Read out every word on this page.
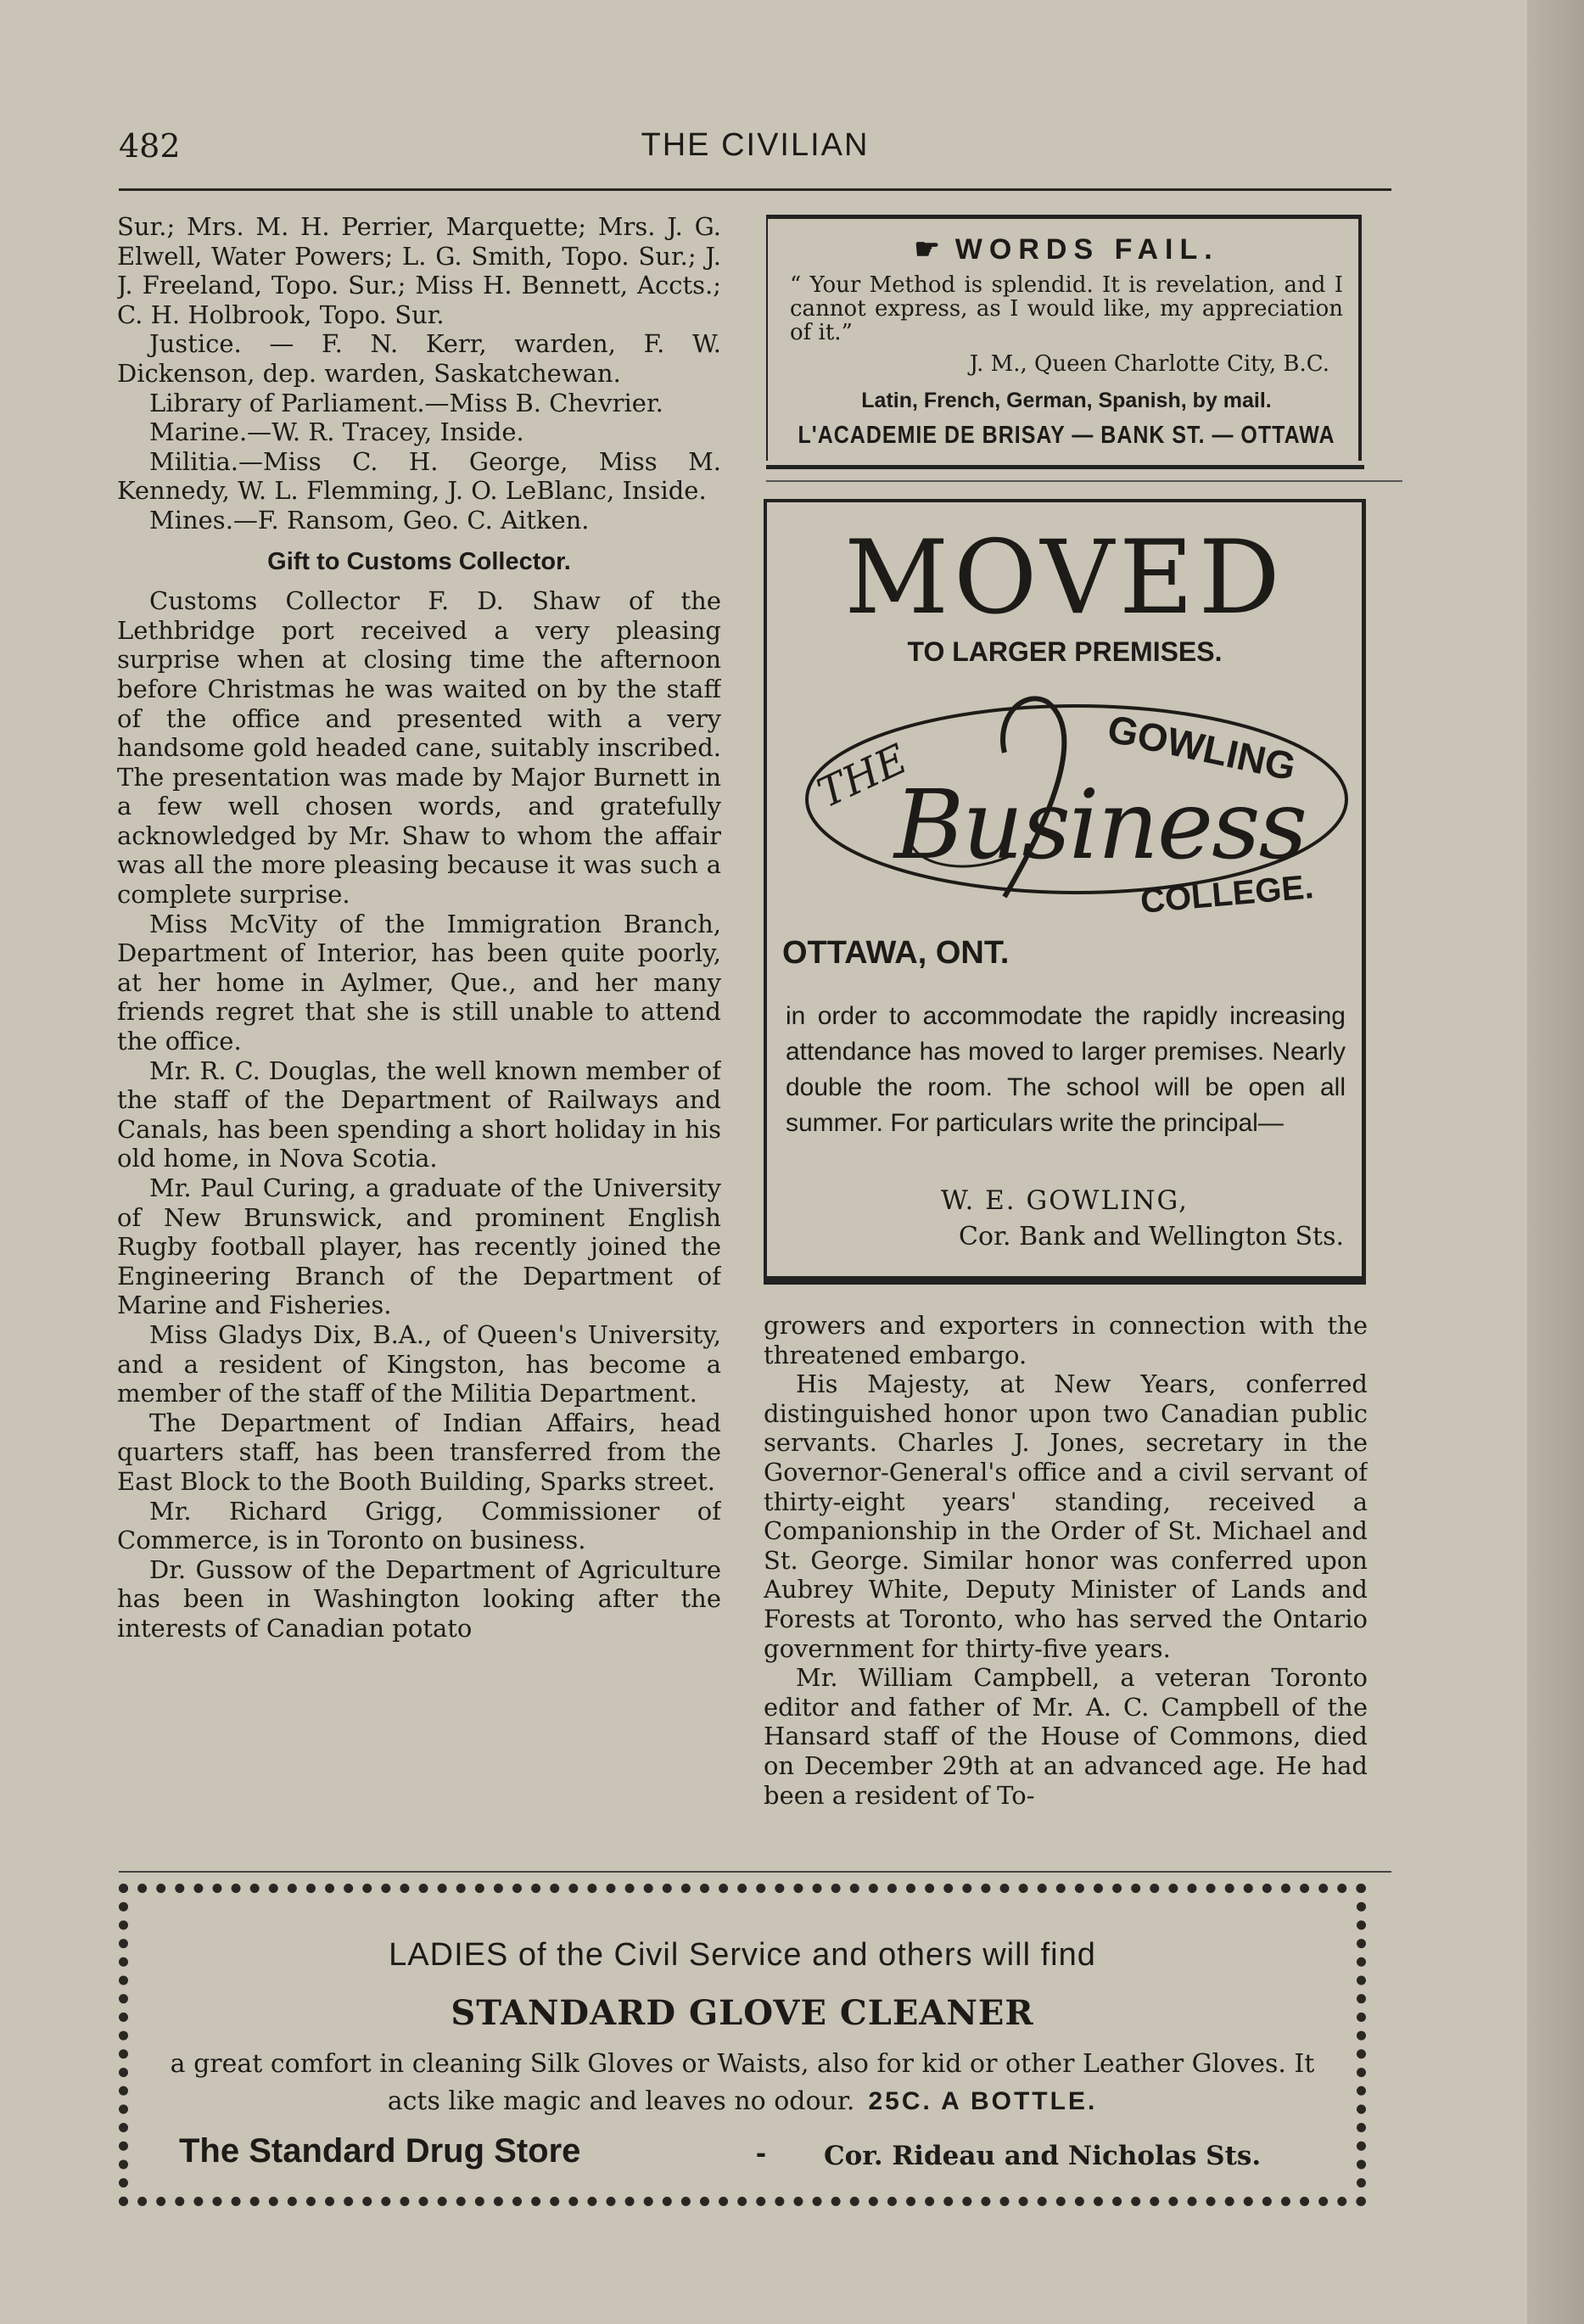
482	THE CIVILIAN

Sur.; Mrs. M. H. Perrier, Marquette; Mrs. J. G. Elwell, Water Powers; L. G. Smith, Topo. Sur.; J. J. Freeland, Topo. Sur.; Miss H. Bennett, Accts.; C. H. Holbrook, Topo. Sur.

Justice. — F. N. Kerr, warden, F. W. Dickenson, dep. warden, Saskatchewan.

Library of Parliament.—Miss B. Chevrier.

Marine.—W. R. Tracey, Inside.

Militia.—Miss C. H. George, Miss M. Kennedy, W. L. Flemming, J. O. LeBlanc, Inside.

Mines.—F. Ransom, Geo. C. Aitken.

Gift to Customs Collector.

Customs Collector F. D. Shaw of the Lethbridge port received a very pleasing surprise when at closing time the afternoon before Christmas he was waited on by the staff of the office and presented with a very handsome gold headed cane, suitably inscribed. The presentation was made by Major Burnett in a few well chosen words, and gratefully acknowledged by Mr. Shaw to whom the affair was all the more pleasing because it was such a complete surprise.

Miss McVity of the Immigration Branch, Department of Interior, has been quite poorly, at her home in Aylmer, Que., and her many friends regret that she is still unable to attend the office.

Mr. R. C. Douglas, the well known member of the staff of the Department of Railways and Canals, has been spending a short holiday in his old home, in Nova Scotia.

Mr. Paul Curing, a graduate of the University of New Brunswick, and prominent English Rugby football player, has recently joined the Engineering Branch of the Department of Marine and Fisheries.

Miss Gladys Dix, B.A., of Queen's University, and a resident of Kingston, has become a member of the staff of the Militia Department.

The Department of Indian Affairs, head quarters staff, has been transferred from the East Block to the Booth Building, Sparks street.

Mr. Richard Grigg, Commissioner of Commerce, is in Toronto on business.

Dr. Gussow of the Department of Agriculture has been in Washington looking after the interests of Canadian potato

☛ WORDS FAIL.
“ Your Method is splendid. It is revelation, and I cannot express, as I would like, my appreciation of it.”
J. M., Queen Charlotte City, B.C.
Latin, French, German, Spanish, by mail.
L'ACADEMIE DE BRISAY — BANK ST. — OTTAWA
MOVED
TO LARGER PREMISES.
THE	GOWLING
Business
COLLEGE.
OTTAWA, ONT.
in order to accommodate the rapidly increasing attendance has moved to larger premises. Nearly double the room. The school will be open all summer. For particulars write the principal—
W. E. GOWLING,
Cor. Bank and Wellington Sts.

growers and exporters in connection with the threatened embargo.

His Majesty, at New Years, conferred distinguished honor upon two Canadian public servants. Charles J. Jones, secretary in the Governor-General's office and a civil servant of thirty-eight years' standing, received a Companionship in the Order of St. Michael and St. George. Similar honor was conferred upon Aubrey White, Deputy Minister of Lands and Forests at Toronto, who has served the Ontario government for thirty-five years.

Mr. William Campbell, a veteran Toronto editor and father of Mr. A. C. Campbell of the Hansard staff of the House of Commons, died on December 29th at an advanced age. He had been a resident of To-

LADIES of the Civil Service and others will find
STANDARD GLOVE CLEANER
a great comfort in cleaning Silk Gloves or Waists, also for kid or other Leather Gloves. It acts like magic and leaves no odour. 25C. A BOTTLE.
The Standard Drug Store	- Cor. Rideau and Nicholas Sts.
